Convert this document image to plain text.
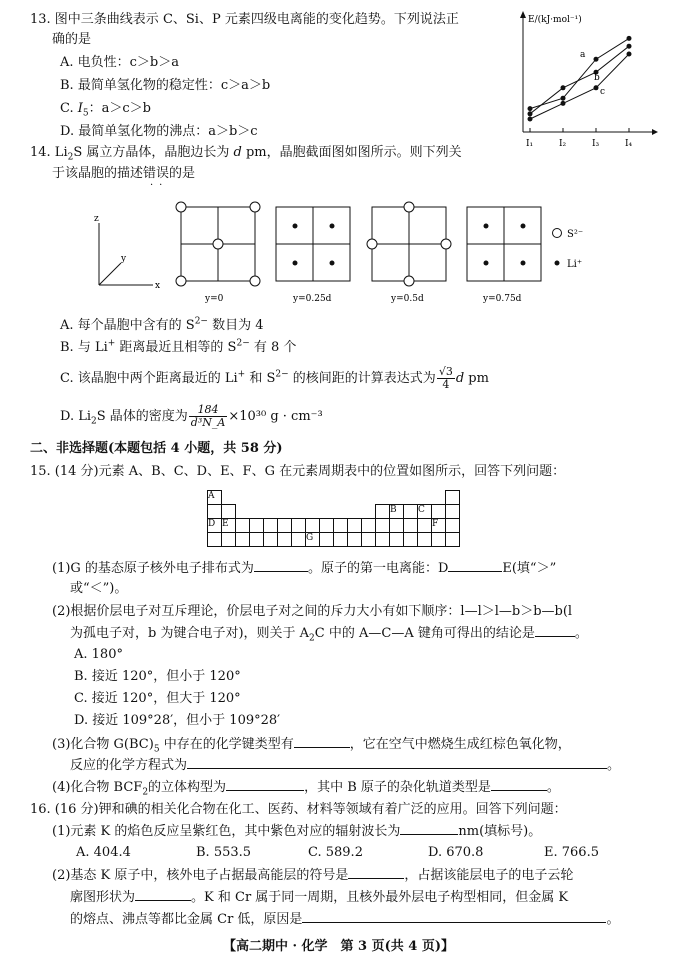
13. 图中三条曲线表示 C、Si、P 元素四级电离能的变化趋势。下列说法正
确的是
A. 电负性：c＞b＞a
B. 最简单氢化物的稳定性：c＞a＞b
C. $I_5$：a＞c＞b
D. 最简单氢化物的沸点：a＞b＞c
E/(kJ·mol⁻¹)
I₁	I₂	I₃	I₄
a
b
c
14. $Li_2S$ 属立方晶体，晶胞边长为 d pm，晶胞截面图如图所示。则下列关
于该晶胞的描述错误的是
··
z
y
x
y=0	y=0.25d	y=0.5d	y=0.75d
S²⁻
Li⁺
A. 每个晶胞中含有的 $S^{2-}$ 数目为 4
B. 与 Li+ 距离最近且相等的 $S^{2-}$ 有 8 个
C. 该晶胞中两个距离最近的 Li+ 和 $S^{2-}$ 的核间距的计算表达式为 $\frac{√3}{4}$ d pm
D. $Li_2S$ 晶体的密度为 $\frac{184}{\text{d³N\_A}} \times 10^{30}$ g · cm⁻³
二、非选择题(本题包括 4 小题，共 58 分)
15. (14 分)元素 A、B、C、D、E、F、G 在元素周期表中的位置如图所示，回答下列问题：
A																	
													B		C		
D	E															F	
							G										
(1)G 的基态原子核外电子排布式为	。原子的第一电离能：D	E(填“＞”
或“＜”)。
(2)根据价层电子对互斥理论，价层电子对之间的斥力大小有如下顺序：l—l＞l—b＞b—b(l
为孤电子对，b 为键合电子对)，则关于 $A_2C$ 中的 A—C—A 键角可得出的结论是	。
A. 180°
B. 接近 120°，但小于 120°
C. 接近 120°，但大于 120°
D. 接近 109°28′，但小于 109°28′
(3)化合物 $G(BC)_5$ 中存在的化学键类型有	，它在空气中燃烧生成红棕色氧化物，
反应的化学方程式为	。
(4)化合物 $BCF_2$的立体构型为	，其中 B 原子的杂化轨道类型是	。
16. (16 分)钾和碘的相关化合物在化工、医药、材料等领域有着广泛的应用。回答下列问题：
(1)元素 K 的焰色反应呈紫红色，其中紫色对应的辐射波长为	nm(填标号)。
A. 404.4	B. 553.5	C. 589.2	D. 670.8	E. 766.5
(2)基态 K 原子中，核外电子占据最高能层的符号是	，占据该能层电子的电子云轮
廓图形状为	。K 和 Cr 属于同一周期，且核外最外层电子构型相同，但金属 K
的熔点、沸点等都比金属 Cr 低，原因是	。
【高二期中 · 化学　第 3 页(共 4 页)】
